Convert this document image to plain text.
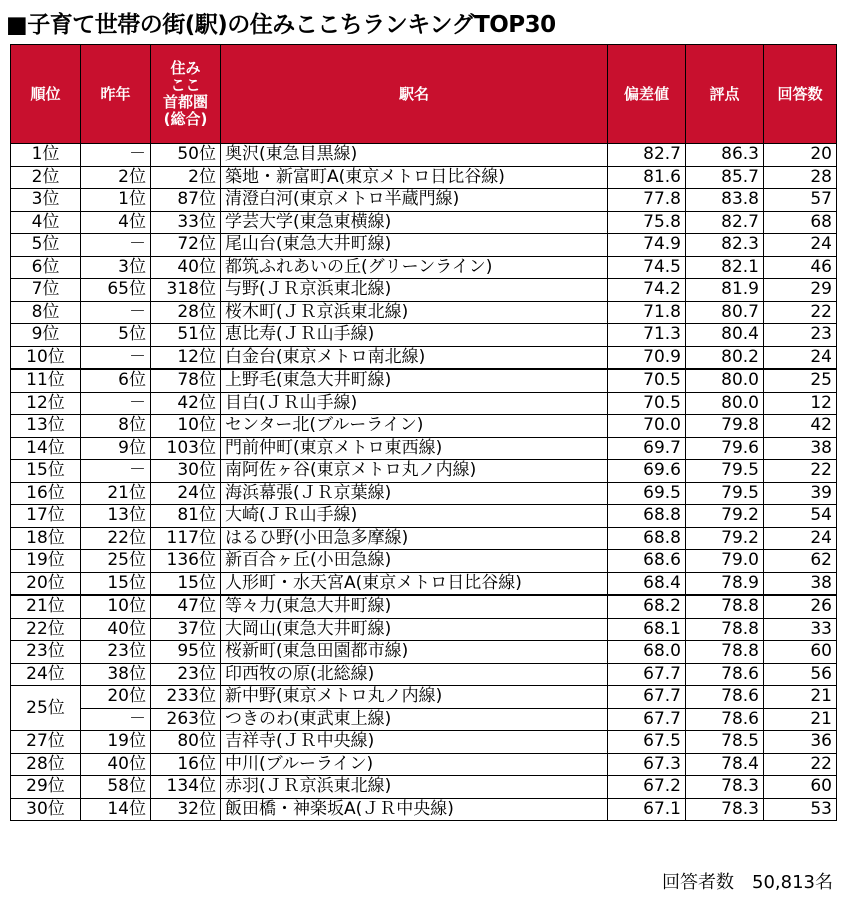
■子育て世帯の街(駅)の住みここちランキングTOP30
順位	昨年	住み
ここ
首都圏
(総合)	駅名	偏差値	評点	回答数
1位	－	50位	奥沢(東急目黒線)	82.7	86.3	20
2位	2位	2位	築地・新富町A(東京メトロ日比谷線)	81.6	85.7	28
3位	1位	87位	清澄白河(東京メトロ半蔵門線)	77.8	83.8	57
4位	4位	33位	学芸大学(東急東横線)	75.8	82.7	68
5位	－	72位	尾山台(東急大井町線)	74.9	82.3	24
6位	3位	40位	都筑ふれあいの丘(グリーンライン)	74.5	82.1	46
7位	65位	318位	与野(ＪＲ京浜東北線)	74.2	81.9	29
8位	－	28位	桜木町(ＪＲ京浜東北線)	71.8	80.7	22
9位	5位	51位	恵比寿(ＪＲ山手線)	71.3	80.4	23
10位	－	12位	白金台(東京メトロ南北線)	70.9	80.2	24
11位	6位	78位	上野毛(東急大井町線)	70.5	80.0	25
12位	－	42位	目白(ＪＲ山手線)	70.5	80.0	12
13位	8位	10位	センター北(ブルーライン)	70.0	79.8	42
14位	9位	103位	門前仲町(東京メトロ東西線)	69.7	79.6	38
15位	－	30位	南阿佐ヶ谷(東京メトロ丸ノ内線)	69.6	79.5	22
16位	21位	24位	海浜幕張(ＪＲ京葉線)	69.5	79.5	39
17位	13位	81位	大崎(ＪＲ山手線)	68.8	79.2	54
18位	22位	117位	はるひ野(小田急多摩線)	68.8	79.2	24
19位	25位	136位	新百合ヶ丘(小田急線)	68.6	79.0	62
20位	15位	15位	人形町・水天宮A(東京メトロ日比谷線)	68.4	78.9	38
21位	10位	47位	等々力(東急大井町線)	68.2	78.8	26
22位	40位	37位	大岡山(東急大井町線)	68.1	78.8	33
23位	23位	95位	桜新町(東急田園都市線)	68.0	78.8	60
24位	38位	23位	印西牧の原(北総線)	67.7	78.6	56
25位	20位	233位	新中野(東京メトロ丸ノ内線)	67.7	78.6	21
	－	263位	つきのわ(東武東上線)	67.7	78.6	21
27位	19位	80位	吉祥寺(ＪＲ中央線)	67.5	78.5	36
28位	40位	16位	中川(ブルーライン)	67.3	78.4	22
29位	58位	134位	赤羽(ＪＲ京浜東北線)	67.2	78.3	60
30位	14位	32位	飯田橋・神楽坂A(ＪＲ中央線)	67.1	78.3	53
回答者数　50,813名
